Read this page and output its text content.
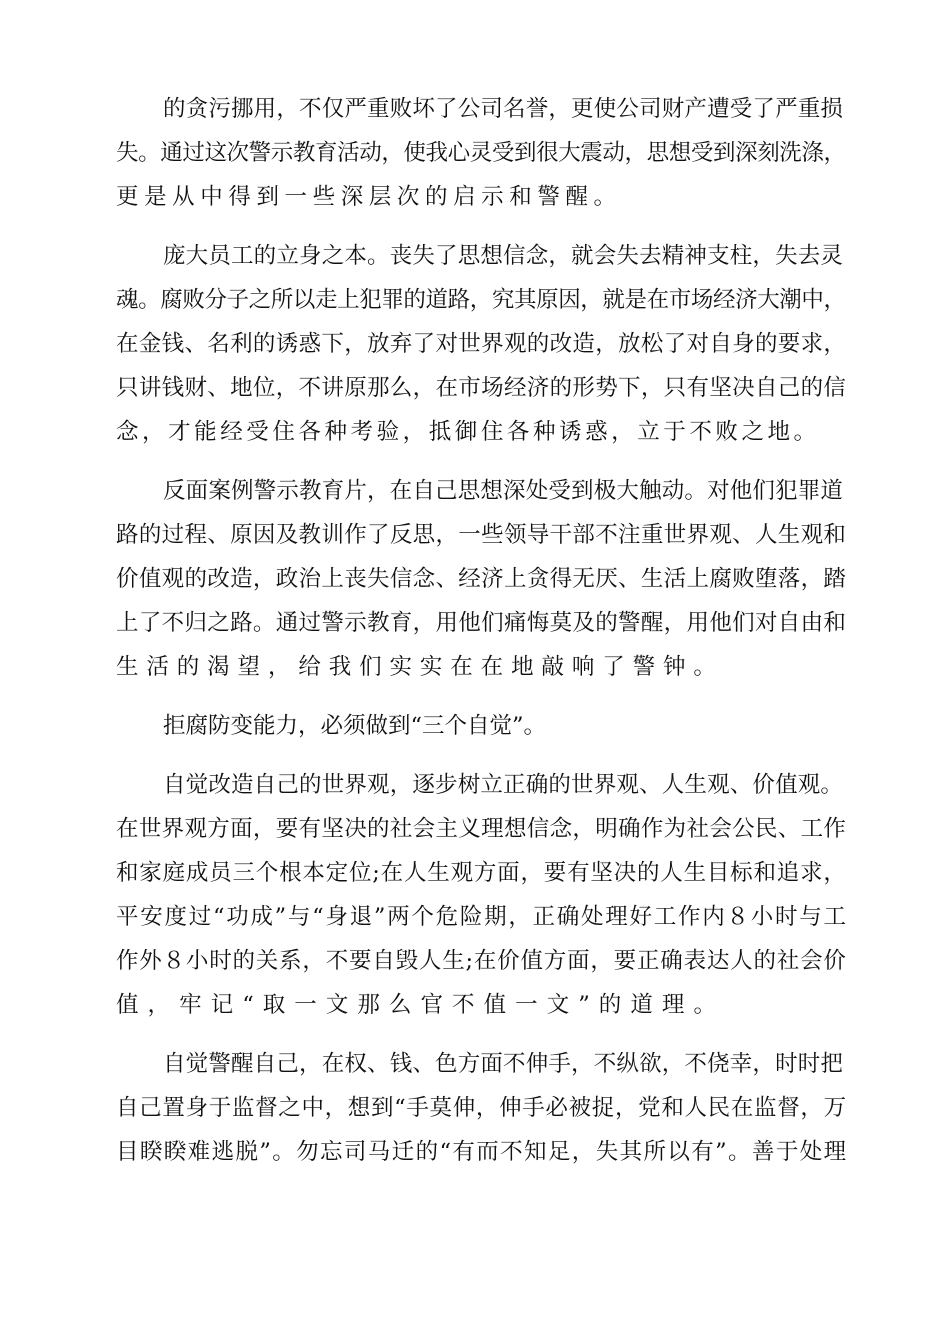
的贪污挪用，不仅严重败坏了公司名誉，更使公司财产遭受了严重损

失。通过这次警示教育活动，使我心灵受到很大震动，思想受到深刻洗涤，

更是从中得到一些深层次的启示和警醒。

庞大员工的立身之本。丧失了思想信念，就会失去精神支柱，失去灵

魂。腐败分子之所以走上犯罪的道路，究其原因，就是在市场经济大潮中，

在金钱、名利的诱惑下，放弃了对世界观的改造，放松了对自身的要求，

只讲钱财、地位，不讲原那么，在市场经济的形势下，只有坚决自己的信

念，才能经受住各种考验，抵御住各种诱惑，立于不败之地。

反面案例警示教育片，在自己思想深处受到极大触动。对他们犯罪道

路的过程、原因及教训作了反思，一些领导干部不注重世界观、人生观和

价值观的改造，政治上丧失信念、经济上贪得无厌、生活上腐败堕落，踏

上了不归之路。通过警示教育，用他们痛悔莫及的警醒，用他们对自由和

生活的渴望，给我们实实在在地敲响了警钟。

拒腐防变能力，必须做到“三个自觉”。

自觉改造自己的世界观，逐步树立正确的世界观、人生观、价值观。

在世界观方面，要有坚决的社会主义理想信念，明确作为社会公民、工作

和家庭成员三个根本定位;在人生观方面，要有坚决的人生目标和追求，

平安度过“功成”与“身退”两个危险期，正确处理好工作内８小时与工

作外８小时的关系，不要自毁人生;在价值方面，要正确表达人的社会价

值，牢记“取一文那么官不值一文”的道理。

自觉警醒自己，在权、钱、色方面不伸手，不纵欲，不侥幸，时时把

自己置身于监督之中，想到“手莫伸，伸手必被捉，党和人民在监督，万

目睽睽难逃脱”。勿忘司马迁的“有而不知足，失其所以有”。善于处理
